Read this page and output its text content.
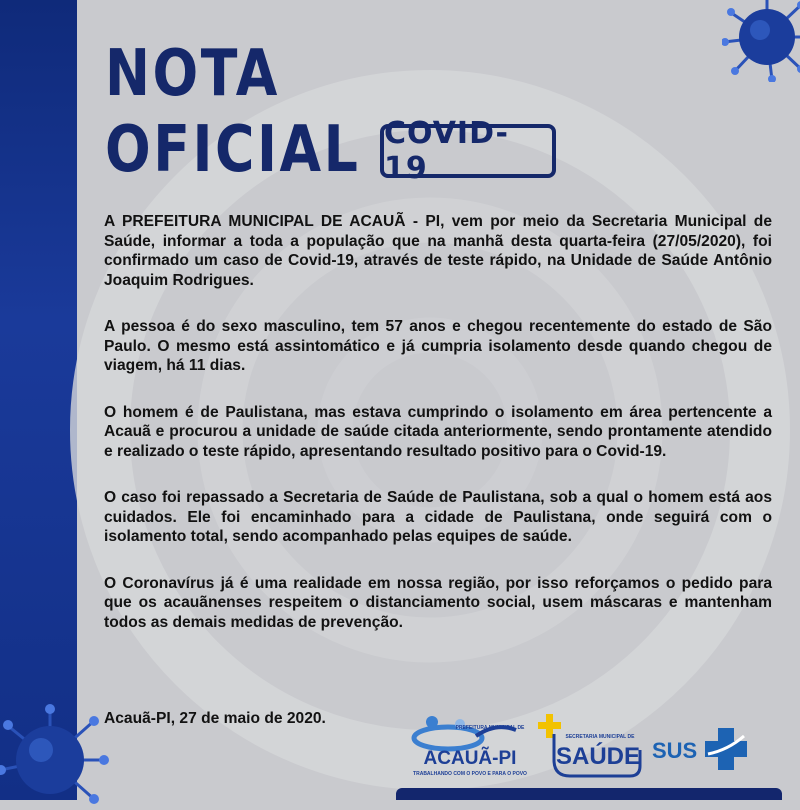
NOTA
OFICIAL COVID-19

A PREFEITURA MUNICIPAL DE ACAUÃ - PI, vem por meio da Secretaria Municipal de Saúde, informar a toda a população que na manhã desta quarta-feira (27/05/2020), foi confirmado um caso de Covid-19, através de teste rápido, na Unidade de Saúde Antônio Joaquim Rodrigues.

A pessoa é do sexo masculino, tem 57 anos e chegou recentemente do estado de São Paulo. O mesmo está assintomático e já cumpria isolamento desde quando chegou de viagem, há 11 dias.

O homem é de Paulistana, mas estava cumprindo o isolamento em área pertencente a Acauã e procurou a unidade de saúde citada anteriormente, sendo prontamente atendido e realizado o teste rápido, apresentando resultado positivo para o Covid-19.

O caso foi repassado a Secretaria de Saúde de Paulistana, sob a qual o homem está aos cuidados. Ele foi encaminhado para a cidade de Paulistana, onde seguirá com o isolamento total, sendo acompanhado pelas equipes de saúde.

O Coronavírus já é uma realidade em nossa região, por isso reforçamos o pedido para que os acauãnenses respeitem o distanciamento social, usem máscaras e mantenham todos as demais medidas de prevenção.

Acauã-PI, 27 de maio de 2020.
PREFEITURA MUNICIPAL DE
ACAUÃ-PI
TRABALHANDO COM O POVO E PARA O POVO
SECRETARIA MUNICIPAL DE
SAÚDE SUS
